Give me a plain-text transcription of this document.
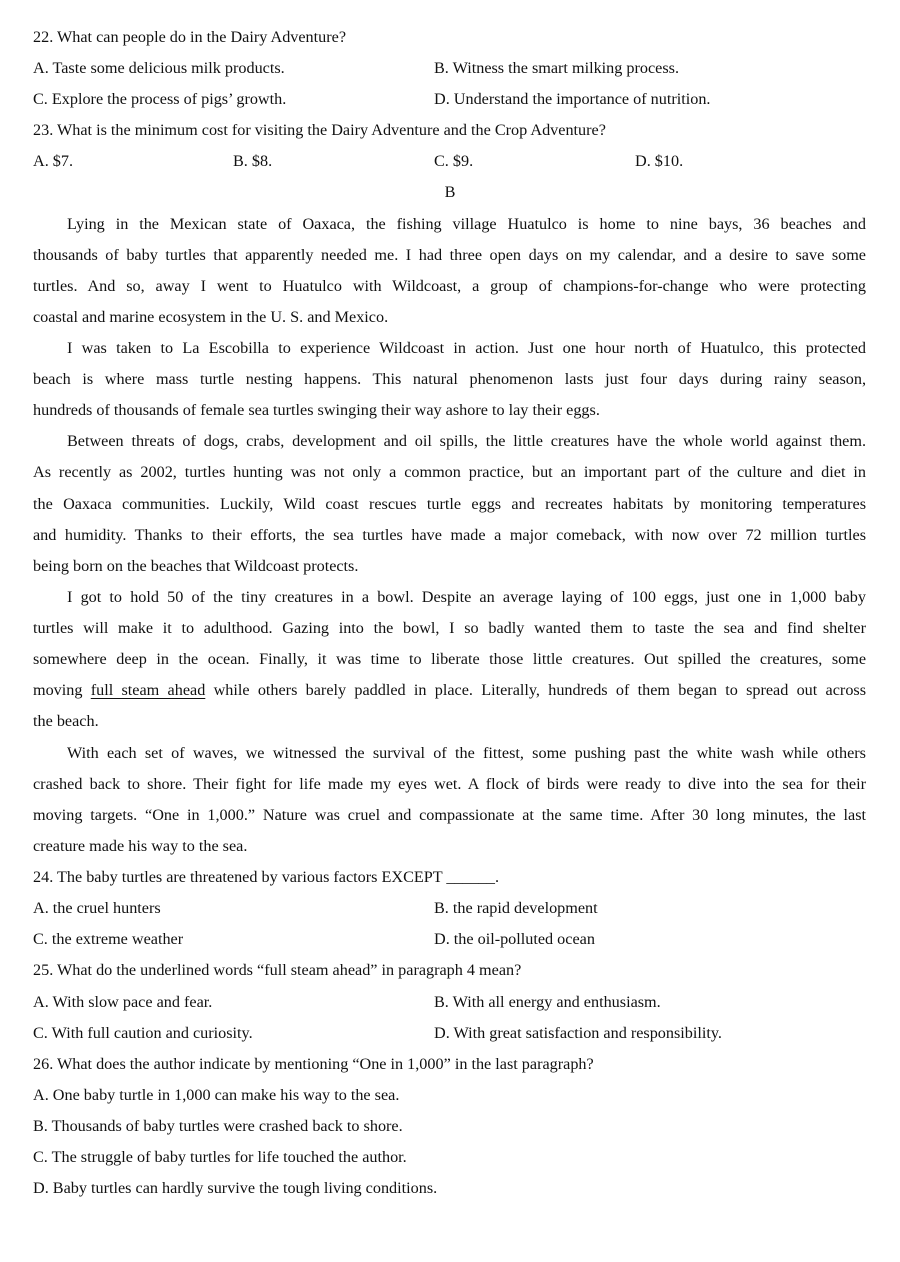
22. What can people do in the Dairy Adventure?
A. Taste some delicious milk products.	B. Witness the smart milking process.
C. Explore the process of pigs’ growth.	D. Understand the importance of nutrition.
23. What is the minimum cost for visiting the Dairy Adventure and the Crop Adventure?
A. $7.	B. $8.	C. $9.	D. $10.
B
Lying in the Mexican state of Oaxaca, the fishing village Huatulco is home to nine bays, 36 beaches and
thousands of baby turtles that apparently needed me. I had three open days on my calendar, and a desire to save some
turtles. And so, away I went to Huatulco with Wildcoast, a group of champions-for-change who were protecting
coastal and marine ecosystem in the U. S. and Mexico.
I was taken to La Escobilla to experience Wildcoast in action. Just one hour north of Huatulco, this protected
beach is where mass turtle nesting happens. This natural phenomenon lasts just four days during rainy season,
hundreds of thousands of female sea turtles swinging their way ashore to lay their eggs.
Between threats of dogs, crabs, development and oil spills, the little creatures have the whole world against them.
As recently as 2002, turtles hunting was not only a common practice, but an important part of the culture and diet in
the Oaxaca communities. Luckily, Wild coast rescues turtle eggs and recreates habitats by monitoring temperatures
and humidity. Thanks to their efforts, the sea turtles have made a major comeback, with now over 72 million turtles
being born on the beaches that Wildcoast protects.
I got to hold 50 of the tiny creatures in a bowl. Despite an average laying of 100 eggs, just one in 1,000 baby
turtles will make it to adulthood. Gazing into the bowl, I so badly wanted them to taste the sea and find shelter
somewhere deep in the ocean. Finally, it was time to liberate those little creatures. Out spilled the creatures, some
moving full steam ahead while others barely paddled in place. Literally, hundreds of them began to spread out across
the beach.
With each set of waves, we witnessed the survival of the fittest, some pushing past the white wash while others
crashed back to shore. Their fight for life made my eyes wet. A flock of birds were ready to dive into the sea for their
moving targets. “One in 1,000.” Nature was cruel and compassionate at the same time. After 30 long minutes, the last
creature made his way to the sea.
24. The baby turtles are threatened by various factors EXCEPT ______.
A. the cruel hunters	B. the rapid development
C. the extreme weather	D. the oil-polluted ocean
25. What do the underlined words “full steam ahead” in paragraph 4 mean?
A. With slow pace and fear.	B. With all energy and enthusiasm.
C. With full caution and curiosity.	D. With great satisfaction and responsibility.
26. What does the author indicate by mentioning “One in 1,000” in the last paragraph?
A. One baby turtle in 1,000 can make his way to the sea.
B. Thousands of baby turtles were crashed back to shore.
C. The struggle of baby turtles for life touched the author.
D. Baby turtles can hardly survive the tough living conditions.
